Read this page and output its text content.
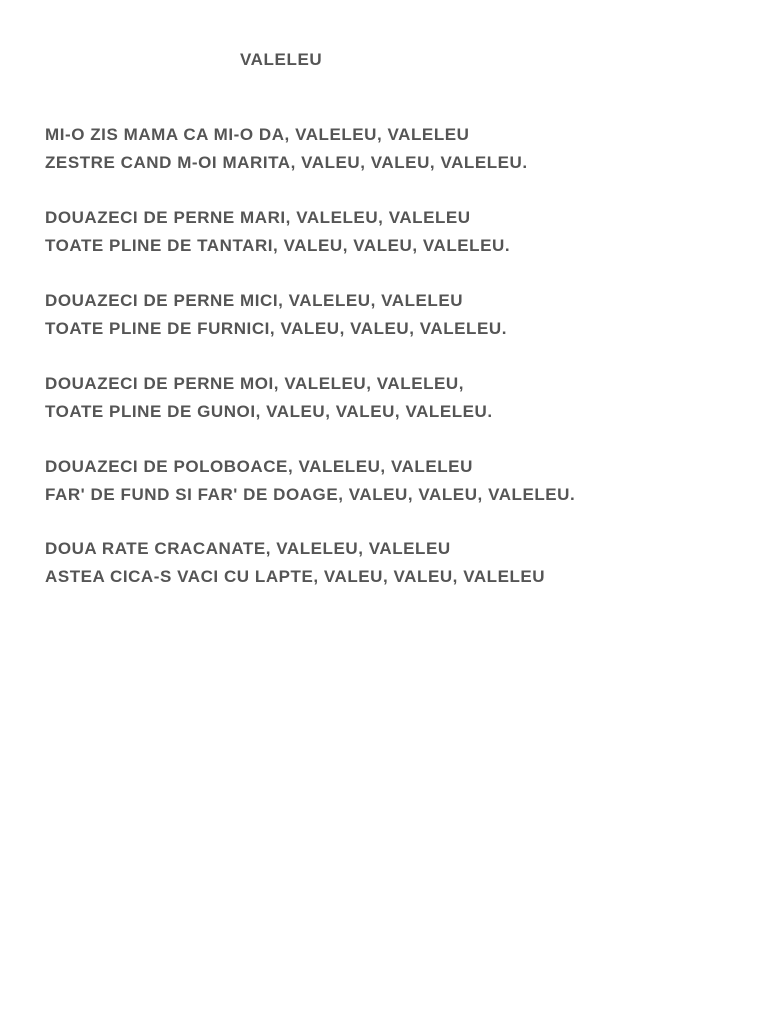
VALELEU
MI-O ZIS MAMA CA MI-O DA, VALELEU, VALELEU
ZESTRE CAND M-OI MARITA, VALEU, VALEU, VALELEU.
DOUAZECI DE PERNE MARI, VALELEU, VALELEU
TOATE PLINE DE TANTARI, VALEU, VALEU, VALELEU.
DOUAZECI DE PERNE MICI, VALELEU, VALELEU
TOATE PLINE DE FURNICI, VALEU, VALEU, VALELEU.
DOUAZECI DE PERNE MOI, VALELEU, VALELEU,
TOATE PLINE DE GUNOI, VALEU, VALEU, VALELEU.
DOUAZECI DE POLOBOACE, VALELEU, VALELEU
FAR' DE FUND SI FAR' DE DOAGE, VALEU, VALEU, VALELEU.
DOUA RATE CRACANATE, VALELEU, VALELEU
ASTEA CICA-S VACI CU LAPTE, VALEU, VALEU, VALELEU
